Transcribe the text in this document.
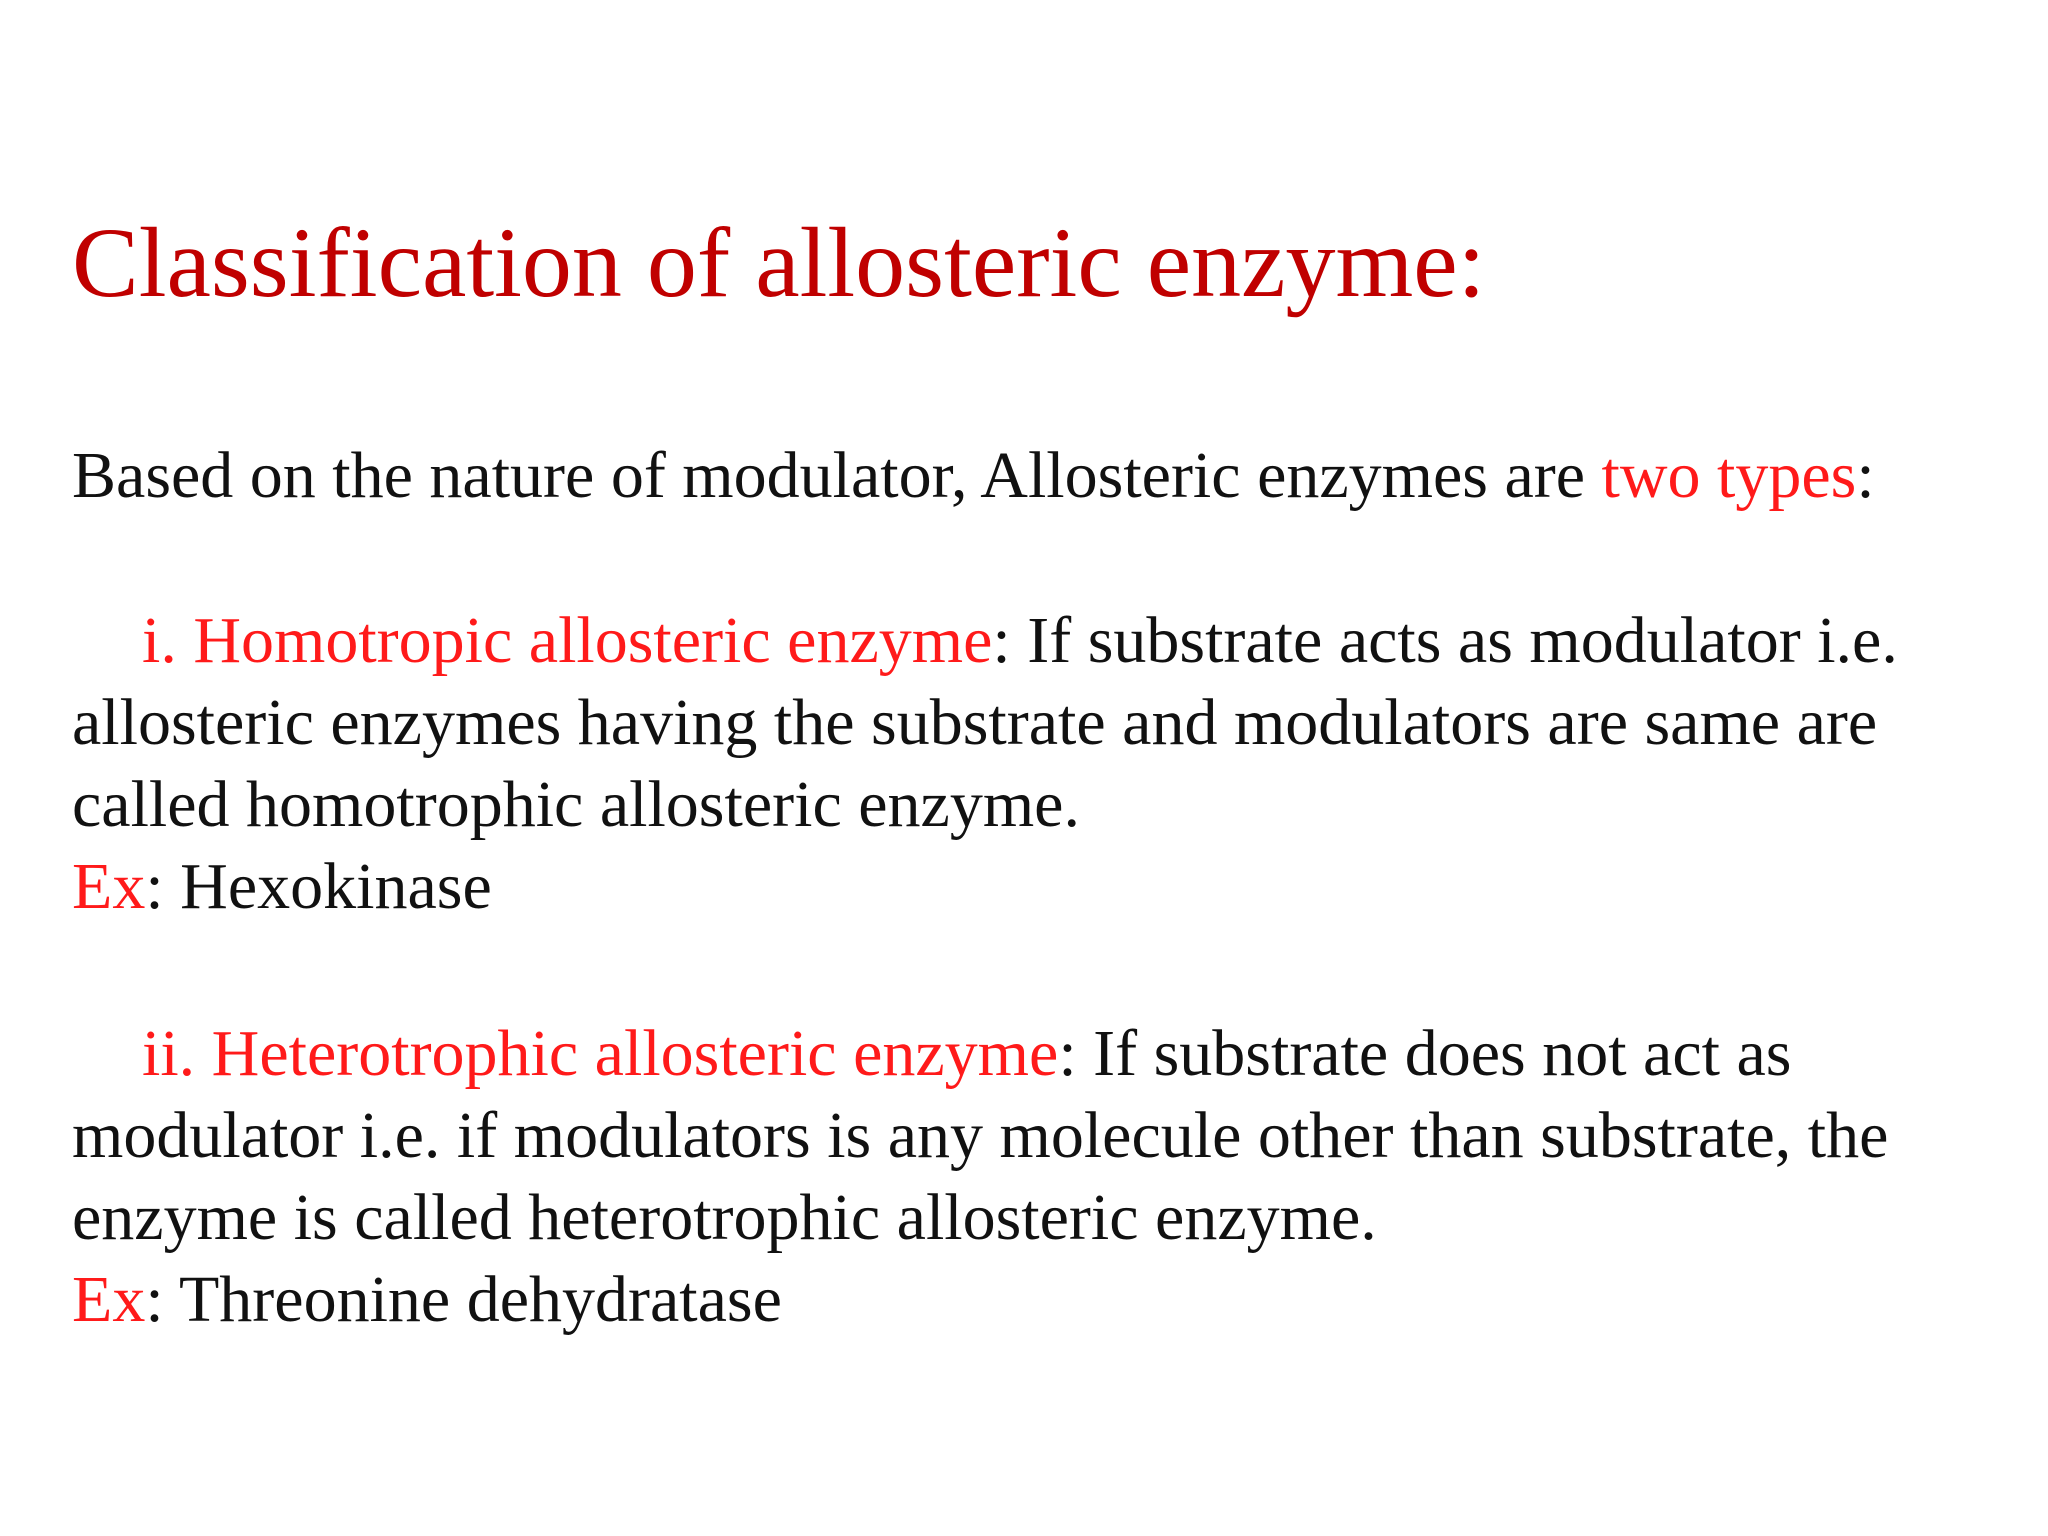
Classification of allosteric enzyme:

Based on the nature of modulator, Allosteric enzymes are two types:

i. Homotropic allosteric enzyme: If substrate acts as modulator i.e.
allosteric enzymes having the substrate and modulators are same are
called homotrophic allosteric enzyme.
Ex: Hexokinase
ii. Heterotrophic allosteric enzyme: If substrate does not act as
modulator i.e. if modulators is any molecule other than substrate, the
enzyme is called heterotrophic allosteric enzyme.
Ex: Threonine dehydratase
